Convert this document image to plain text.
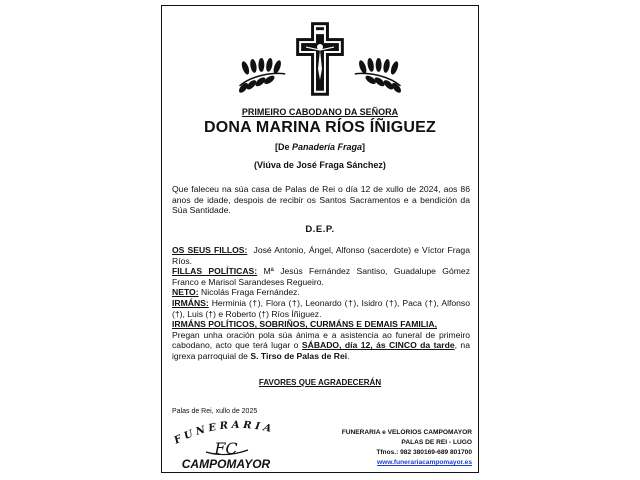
PRIMEIRO CABODANO DA SEÑORA
DONA MARINA RÍOS ÍÑIGUEZ
[De Panadería Fraga]
(Viúva de José Fraga Sánchez)
Que faleceu na súa casa de Palas de Rei o día 12 de xullo de 2024, aos 86 anos de idade, despois de recibir os Santos Sacramentos e a bendición da Súa Santidade.
D.E.P.
OS SEUS FILLOS: José Antonio, Ángel, Alfonso (sacerdote) e Víctor Fraga Ríos.
FILLAS POLÍTICAS: Mª Jesús Fernández Santiso, Guadalupe Gómez Franco e Marisol Sarandeses Regueiro.
NETO: Nicolás Fraga Fernández.
IRMÁNS: Herminia (†), Flora (†), Leonardo (†), Isidro (†), Paca (†), Alfonso (†), Luis (†) e Roberto (†) Ríos Íñiguez.
IRMÁNS POLÍTICOS, SOBRIÑOS, CURMÁNS E DEMAIS FAMILIA,
Pregan unha oración pola súa ánima e a asistencia ao funeral de primeiro cabodano, acto que terá lugar o SÁBADO, día 12, ás CINCO da tarde, na igrexa parroquial de S. Tirso de Palas de Rei.
FAVORES QUE AGRADECERÁN
Palas de Rei, xullo de 2025
FUNERARIA
FC
CAMPOMAYOR
FUNERARIA e VELORIOS CAMPOMAYOR
PALAS DE REI - LUGO
Tfnos.: 982 380169-689 801700
www.funerariacampomayor.es
